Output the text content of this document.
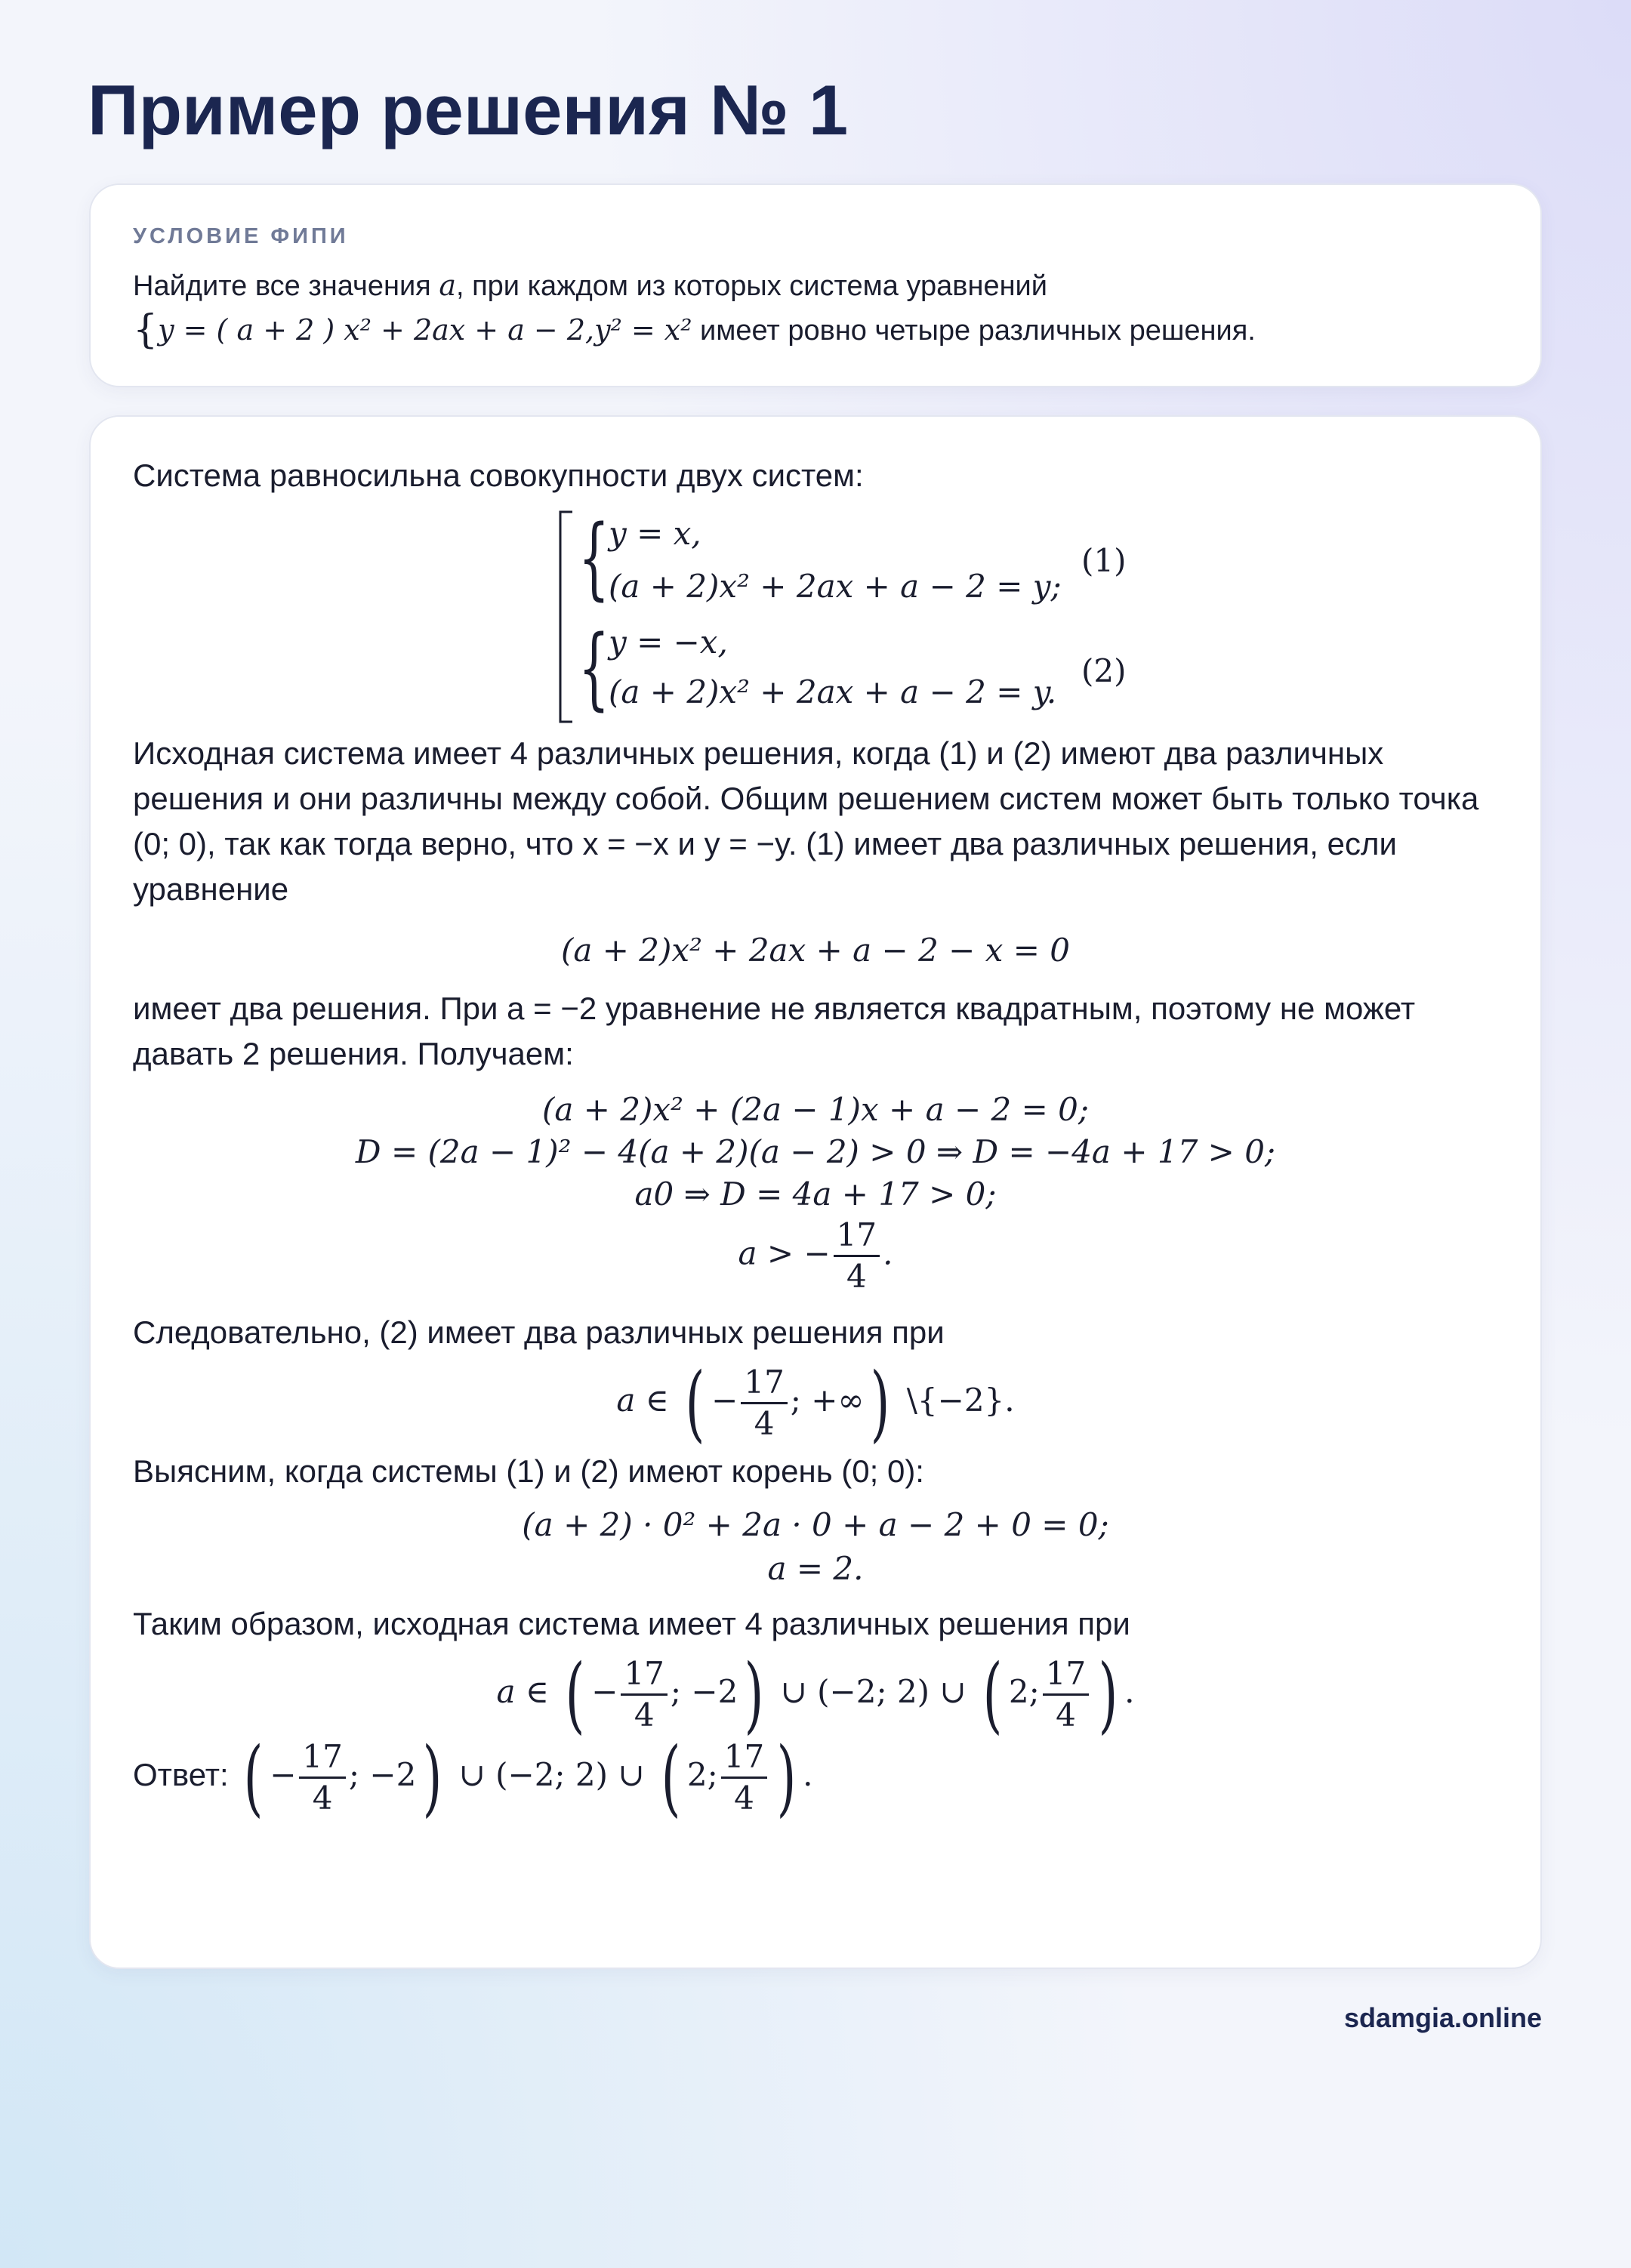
Пример решения № 1
УСЛОВИЕ ФИПИ
Найдите все значения a, при каждом из которых система уравнений
{y = ( a + 2 ) x² + 2ax + a − 2,y² = x² имеет ровно четыре различных решения.

Система равносильна совокупности двух систем:

{
y = x,
(a + 2)x² + 2ax + a − 2 = y;
(1)
{
y = −x,
(a + 2)x² + 2ax + a − 2 = y.
(2)

Исходная система имеет 4 различных решения, когда (1) и (2) имеют два различных решения и они различны между собой. Общим решением систем может быть только точка (0; 0), так как тогда верно, что x = −x и y = −y. (1) имеет два различных решения, если уравнение

(a + 2)x² + 2ax + a − 2 − x = 0

имеет два решения. При a = −2 уравнение не является квадратным, поэтому не может давать 2 решения. Получаем:

(a + 2)x² + (2a − 1)x + a − 2 = 0;
D = (2a − 1)² − 4(a + 2)(a − 2) > 0 ⇒ D = −4a + 17 > 0;
a0 ⇒ D = 4a + 17 > 0;
a > − $\frac{17}{4}$ .

Следовательно, (2) имеет два различных решения при

a ∈ ( − $\frac{17}{4}$ ; +∞) \{−2}.

Выясним, когда системы (1) и (2) имеют корень (0; 0):

(a + 2) · 0² + 2a · 0 + a − 2 + 0 = 0;
a = 2.

Таким образом, исходная система имеет 4 различных решения при

a ∈ ( − $\frac{17}{4}$ ; −2) ∪ (−2; 2) ∪ ( 2; $\frac{17}{4}$ ) .
Ответ: ( − $\frac{17}{4}$ ; −2) ∪ (−2; 2) ∪ ( 2; $\frac{17}{4}$ ) .
sdamgia.online
